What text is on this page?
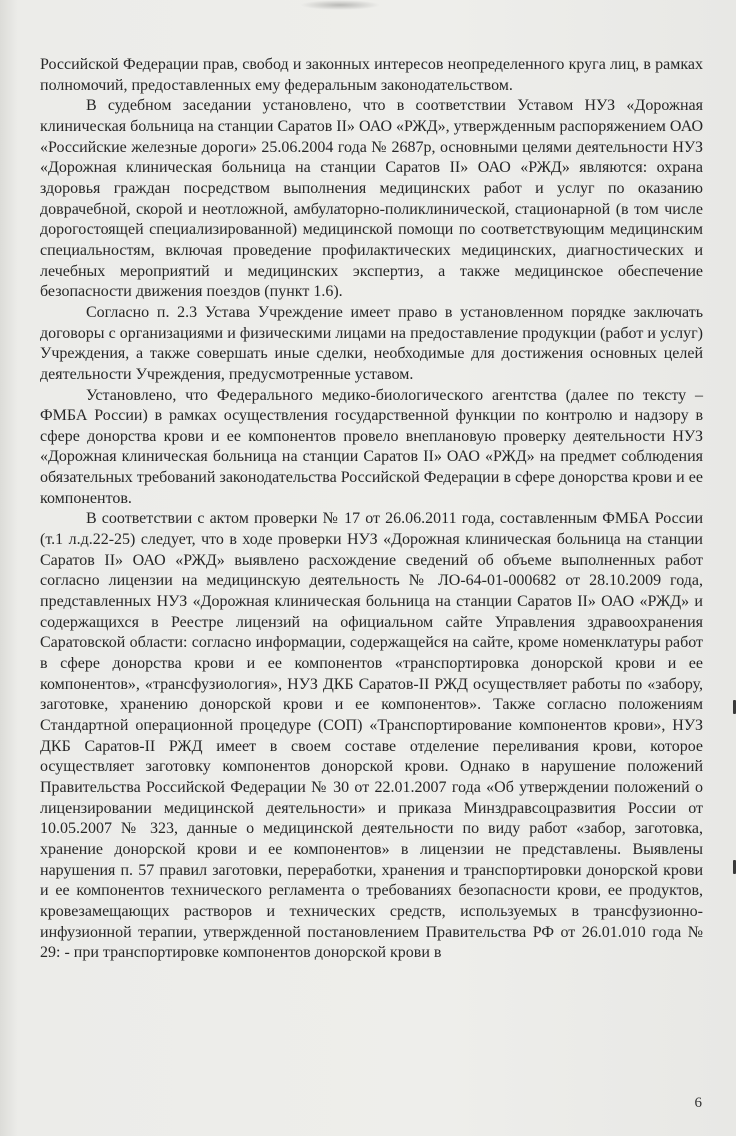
Российской Федерации прав, свобод и законных интересов неопределенного круга лиц, в рамках полномочий, предоставленных ему федеральным законодательством.

В судебном заседании установлено, что в соответствии Уставом НУЗ «Дорожная клиническая больница на станции Саратов II» ОАО «РЖД», утвержденным распоряжением ОАО «Российские железные дороги» 25.06.2004 года № 2687р, основными целями деятельности НУЗ «Дорожная клиническая больница на станции Саратов II» ОАО «РЖД» являются: охрана здоровья граждан посредством выполнения медицинских работ и услуг по оказанию доврачебной, скорой и неотложной, амбулаторно-поликлинической, стационарной (в том числе дорогостоящей специализированной) медицинской помощи по соответствующим медицинским специальностям, включая проведение профилактических медицинских, диагностических и лечебных мероприятий и медицинских экспертиз, а также медицинское обеспечение безопасности движения поездов (пункт 1.6).

Согласно п. 2.3 Устава Учреждение имеет право в установленном порядке заключать договоры с организациями и физическими лицами на предоставление продукции (работ и услуг) Учреждения, а также совершать иные сделки, необходимые для достижения основных целей деятельности Учреждения, предусмотренные уставом.

Установлено, что Федерального медико-биологического агентства (далее по тексту – ФМБА России) в рамках осуществления государственной функции по контролю и надзору в сфере донорства крови и ее компонентов провело внеплановую проверку деятельности НУЗ «Дорожная клиническая больница на станции Саратов II» ОАО «РЖД» на предмет соблюдения обязательных требований законодательства Российской Федерации в сфере донорства крови и ее компонентов.

В соответствии с актом проверки № 17 от 26.06.2011 года, составленным ФМБА России (т.1 л.д.22-25) следует, что в ходе проверки НУЗ «Дорожная клиническая больница на станции Саратов II» ОАО «РЖД» выявлено расхождение сведений об объеме выполненных работ согласно лицензии на медицинскую деятельность № ЛО-64-01-000682 от 28.10.2009 года, представленных НУЗ «Дорожная клиническая больница на станции Саратов II» ОАО «РЖД» и содержащихся в Реестре лицензий на официальном сайте Управления здравоохранения Саратовской области: согласно информации, содержащейся на сайте, кроме номенклатуры работ в сфере донорства крови и ее компонентов «транспортировка донорской крови и ее компонентов», «трансфузиология», НУЗ ДКБ Саратов-II РЖД осуществляет работы по «забору, заготовке, хранению донорской крови и ее компонентов». Также согласно положениям Стандартной операционной процедуре (СОП) «Транспортирование компонентов крови», НУЗ ДКБ Саратов-II РЖД имеет в своем составе отделение переливания крови, которое осуществляет заготовку компонентов донорской крови. Однако в нарушение положений Правительства Российской Федерации № 30 от 22.01.2007 года «Об утверждении положений о лицензировании медицинской деятельности» и приказа Минздравсоцразвития России от 10.05.2007 № 323, данные о медицинской деятельности по виду работ «забор, заготовка, хранение донорской крови и ее компонентов» в лицензии не представлены. Выявлены нарушения п. 57 правил заготовки, переработки, хранения и транспортировки донорской крови и ее компонентов технического регламента о требованиях безопасности крови, ее продуктов, кровезамещающих растворов и технических средств, используемых в трансфузионно-инфузионной терапии, утвержденной постановлением Правительства РФ от 26.01.010 года № 29: - при транспортировке компонентов донорской крови в

6
